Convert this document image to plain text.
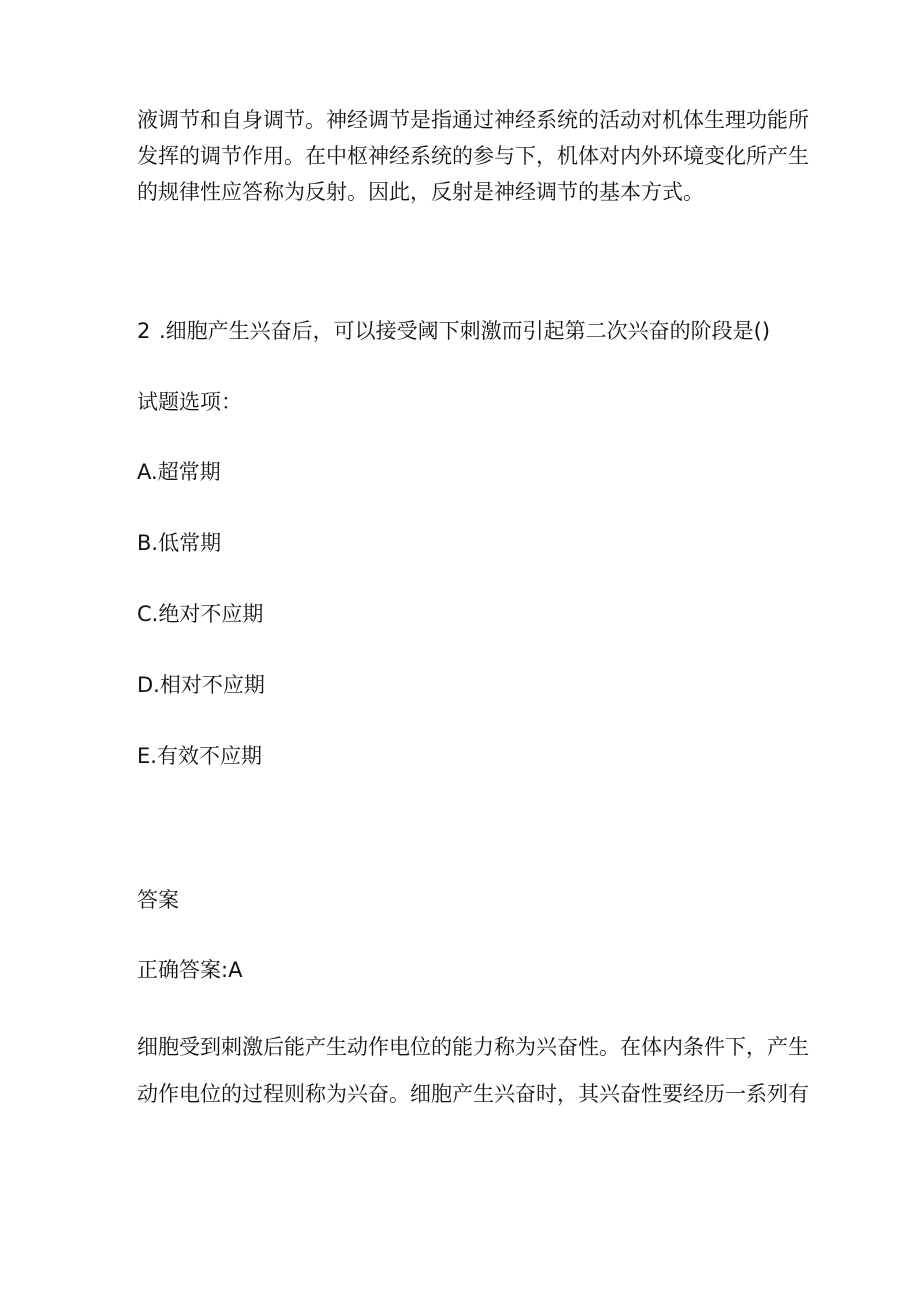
液调节和自身调节。神经调节是指通过神经系统的活动对机体生理功能所
发挥的调节作用。在中枢神经系统的参与下，机体对内外环境变化所产生
的规律性应答称为反射。因此，反射是神经调节的基本方式。

2 .细胞产生兴奋后，可以接受阈下刺激而引起第二次兴奋的阶段是()

试题选项：

A.超常期

B.低常期

C.绝对不应期

D.相对不应期

E.有效不应期

答案

正确答案:A

细胞受到刺激后能产生动作电位的能力称为兴奋性。在体内条件下，产生
动作电位的过程则称为兴奋。细胞产生兴奋时，其兴奋性要经历一系列有
